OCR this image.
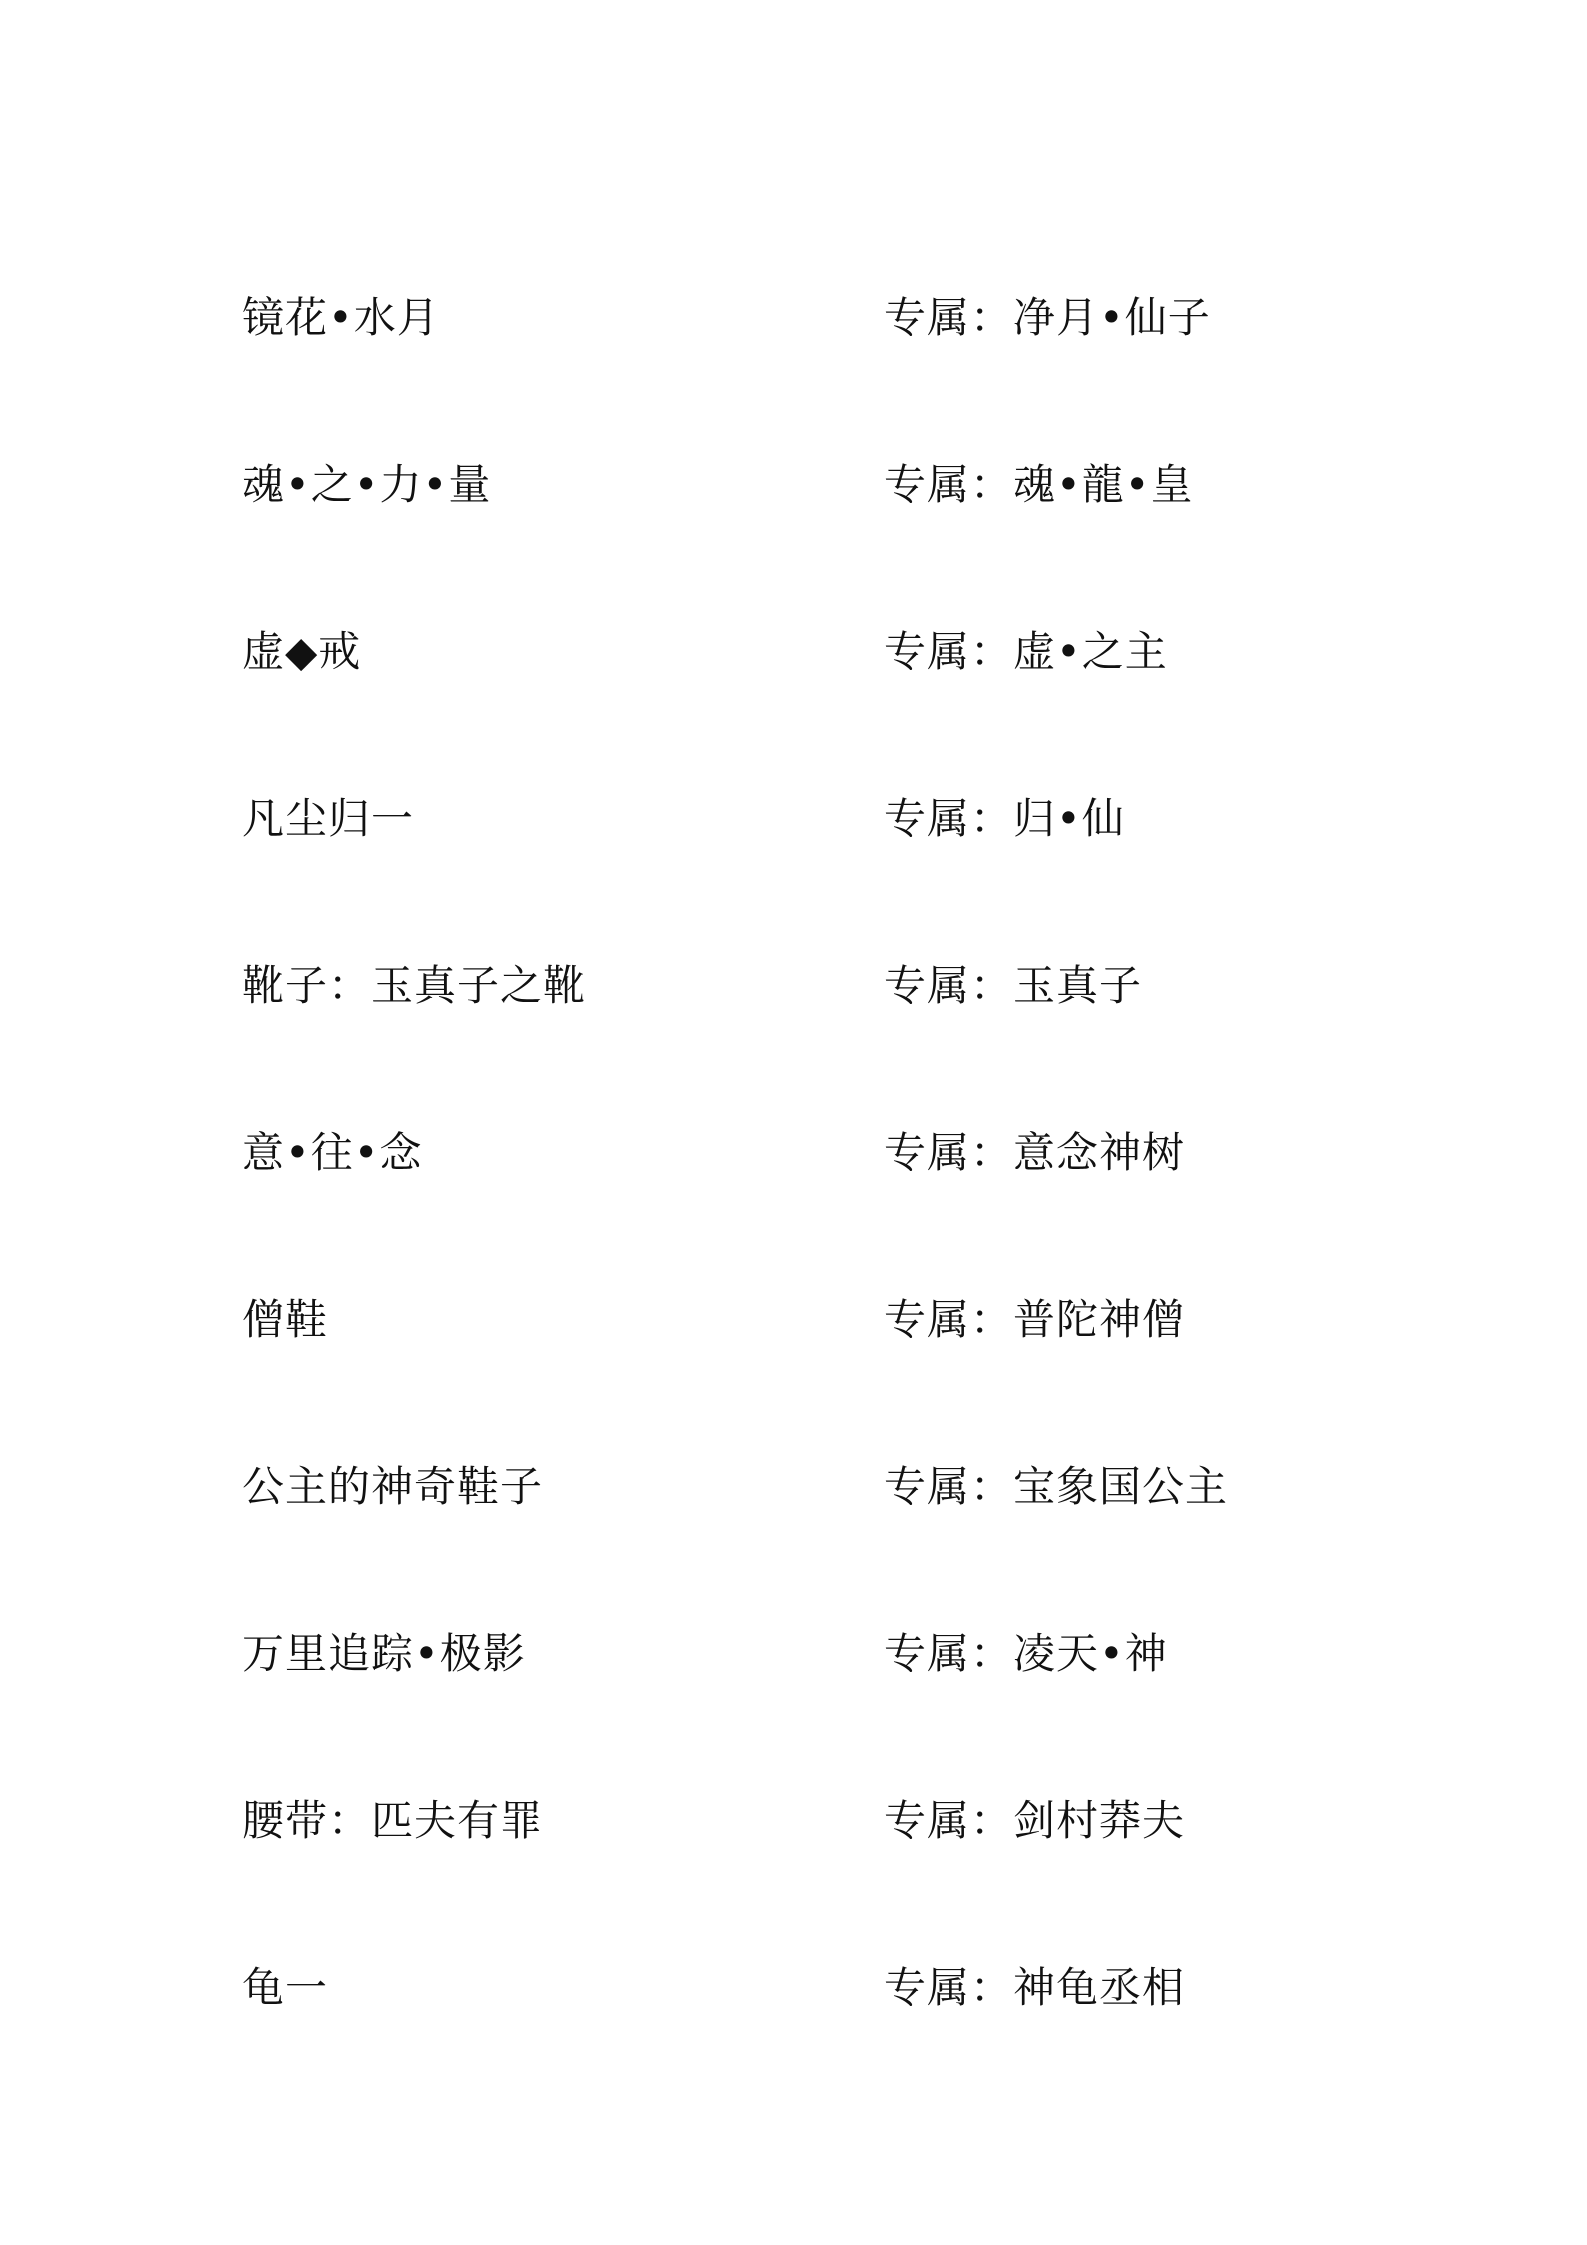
镜花•水月	专属：净月•仙子
魂•之•力•量	专属：魂•龍•皇
虚◆戒	专属：虚•之主
凡尘归一	专属：归•仙
靴子：玉真子之靴	专属：玉真子
意•往•念	专属：意念神树
僧鞋	专属：普陀神僧
公主的神奇鞋子	专属：宝象国公主
万里追踪•极影	专属：凌天•神
腰带：匹夫有罪	专属：剑村莽夫
龟一	专属：神龟丞相
